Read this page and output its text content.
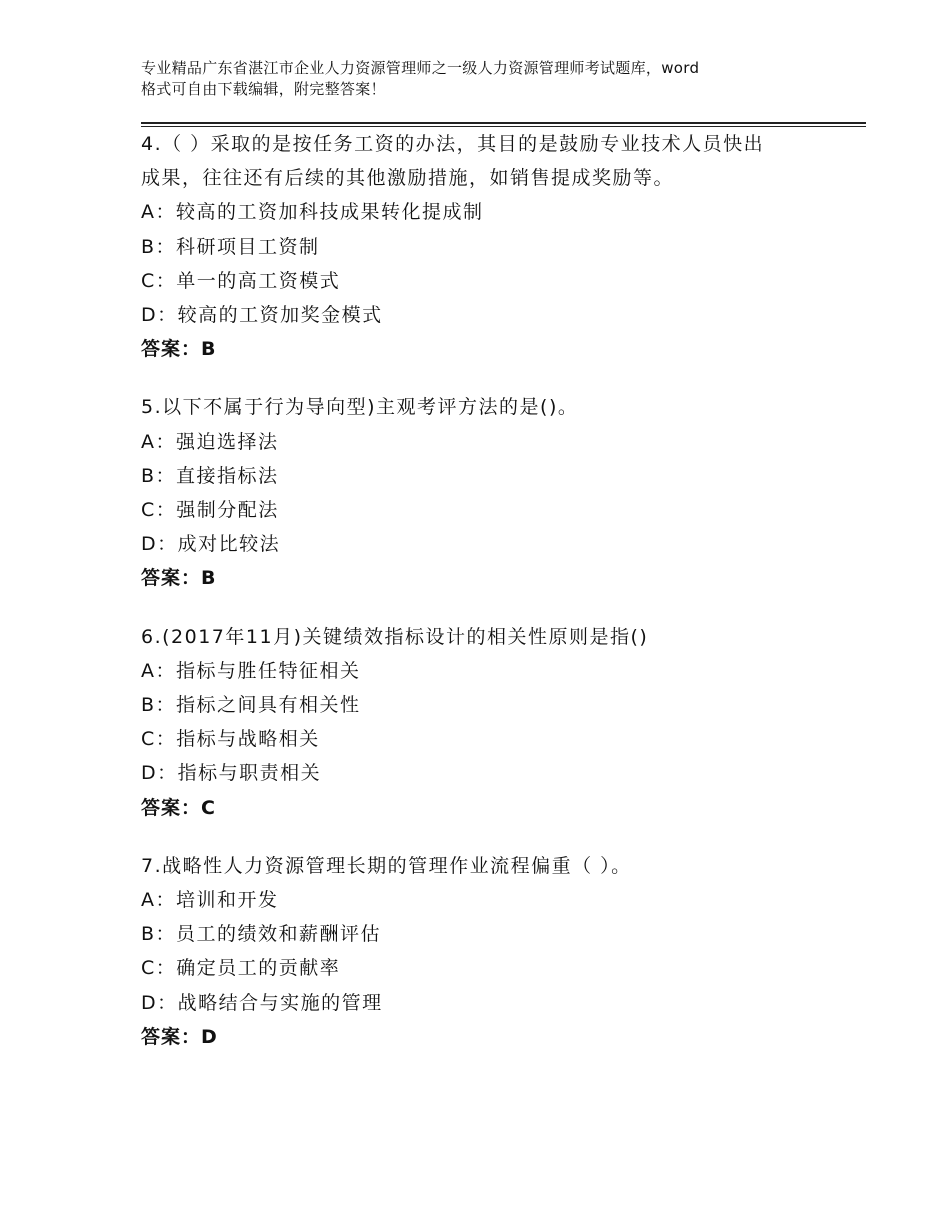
专业精品广东省湛江市企业人力资源管理师之一级人力资源管理师考试题库，word
格式可自由下载编辑，附完整答案！
4.（ ）采取的是按任务工资的办法，其目的是鼓励专业技术人员快出
成果，往往还有后续的其他激励措施，如销售提成奖励等。
A：较高的工资加科技成果转化提成制
B：科研项目工资制
C：单一的高工资模式
D：较高的工资加奖金模式
答案：B
5.以下不属于行为导向型)主观考评方法的是()。
A：强迫选择法
B：直接指标法
C：强制分配法
D：成对比较法
答案：B
6.(2017年11月)关键绩效指标设计的相关性原则是指()
A：指标与胜任特征相关
B：指标之间具有相关性
C：指标与战略相关
D：指标与职责相关
答案：C
7.战略性人力资源管理长期的管理作业流程偏重（ ）。
A：培训和开发
B：员工的绩效和薪酬评估
C：确定员工的贡献率
D：战略结合与实施的管理
答案：D
